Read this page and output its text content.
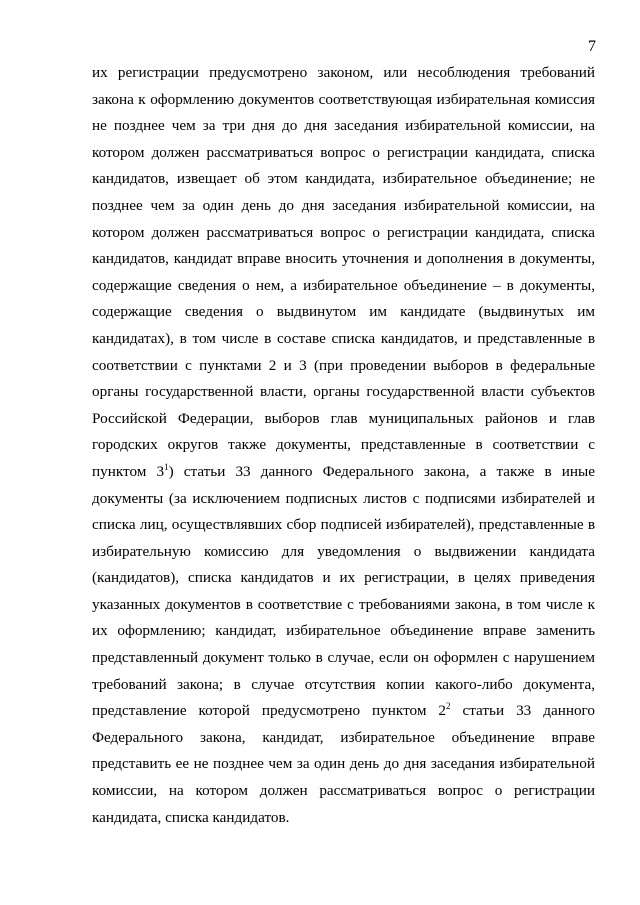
7
их регистрации предусмотрено законом, или несоблюдения требований
закона к оформлению документов соответствующая избирательная комиссия
не позднее чем за три дня до дня заседания избирательной комиссии, на
котором должен рассматриваться вопрос о регистрации кандидата, списка
кандидатов, извещает об этом кандидата, избирательное объединение; не
позднее чем за один день до дня заседания избирательной комиссии, на
котором должен рассматриваться вопрос о регистрации кандидата, списка
кандидатов, кандидат вправе вносить уточнения и дополнения в документы,
содержащие сведения о нем, а избирательное объединение – в документы,
содержащие сведения о выдвинутом им кандидате (выдвинутых им
кандидатах), в том числе в составе списка кандидатов, и представленные в
соответствии с пунктами 2 и 3 (при проведении выборов в федеральные
органы государственной власти, органы государственной власти субъектов
Российской Федерации, выборов глав муниципальных районов и глав
городских округов также документы, представленные в соответствии с
пунктом $3^1$) статьи 33 данного Федерального закона, а также в иные
документы (за исключением подписных листов с подписями избирателей и
списка лиц, осуществлявших сбор подписей избирателей), представленные в
избирательную комиссию для уведомления о выдвижении кандидата
(кандидатов), списка кандидатов и их регистрации, в целях приведения
указанных документов в соответствие с требованиями закона, в том числе к
их оформлению; кандидат, избирательное объединение вправе заменить
представленный документ только в случае, если он оформлен с нарушением
требований закона; в случае отсутствия копии какого-либо документа,
представление которой предусмотрено пунктом $2^2$ статьи 33 данного
Федерального закона, кандидат, избирательное объединение вправе
представить ее не позднее чем за один день до дня заседания избирательной
комиссии, на котором должен рассматриваться вопрос о регистрации
кандидата, списка кандидатов.
